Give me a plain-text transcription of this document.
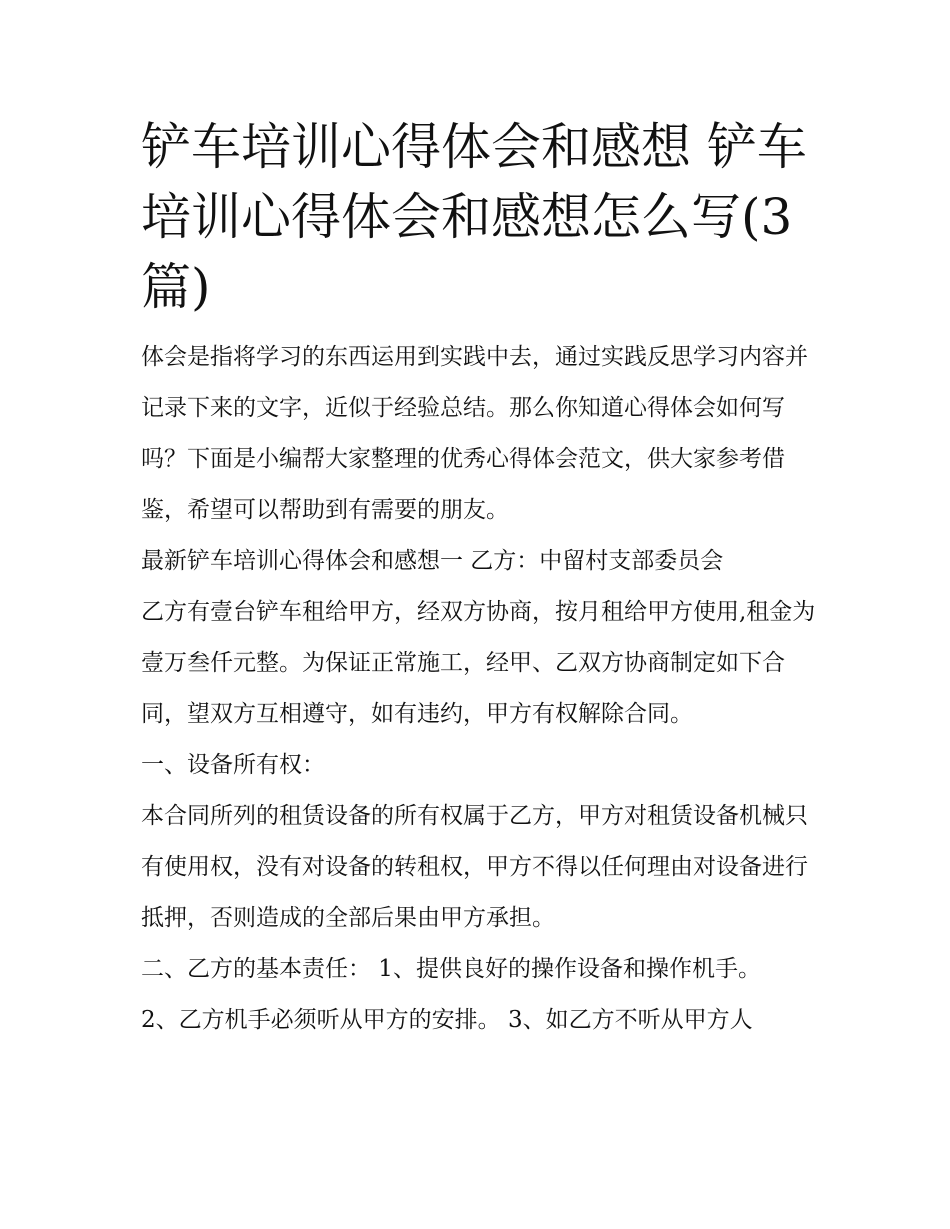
铲车培训心得体会和感想 铲车培训心得体会和感想怎么写(3篇)

体会是指将学习的东西运用到实践中去，通过实践反思学习内容并记录下来的文字，近似于经验总结。那么你知道心得体会如何写吗？下面是小编帮大家整理的优秀心得体会范文，供大家参考借鉴，希望可以帮助到有需要的朋友。

最新铲车培训心得体会和感想一 乙方：中留村支部委员会

乙方有壹台铲车租给甲方，经双方协商，按月租给甲方使用,租金为壹万叁仟元整。为保证正常施工，经甲、乙双方协商制定如下合同，望双方互相遵守，如有违约，甲方有权解除合同。

一、设备所有权：

本合同所列的租赁设备的所有权属于乙方，甲方对租赁设备机械只有使用权，没有对设备的转租权，甲方不得以任何理由对设备进行抵押，否则造成的全部后果由甲方承担。

二、乙方的基本责任： 1、提供良好的操作设备和操作机手。

2、乙方机手必须听从甲方的安排。 3、如乙方不听从甲方人
